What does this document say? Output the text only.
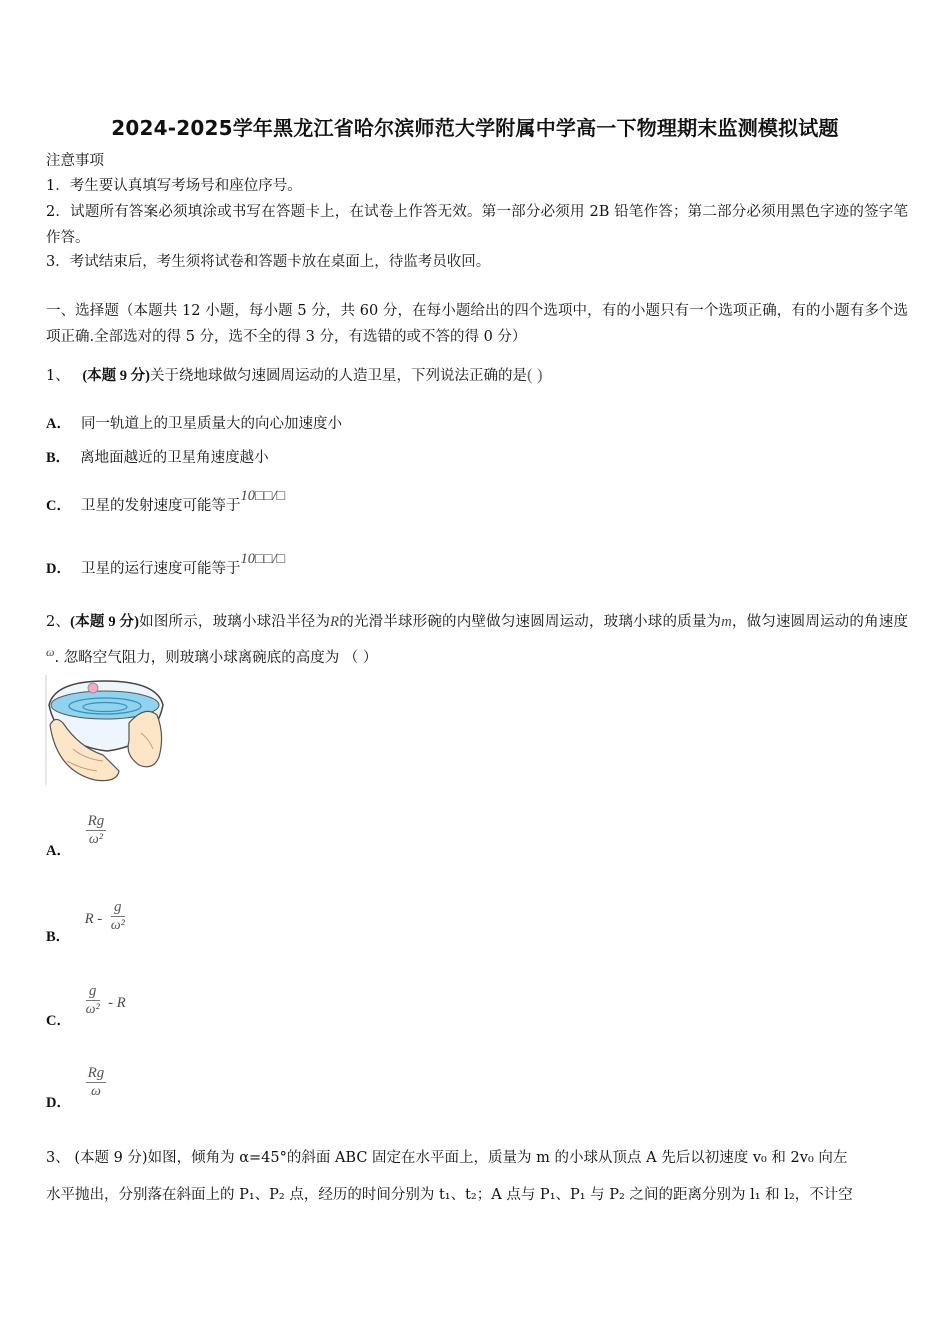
2024-2025学年黑龙江省哈尔滨师范大学附属中学高一下物理期末监测模拟试题
注意事项
1．考生要认真填写考场号和座位序号。
2．试题所有答案必须填涂或书写在答题卡上，在试卷上作答无效。第一部分必须用 2B 铅笔作答；第二部分必须用黑色字迹的签字笔作答。
3．考试结束后，考生须将试卷和答题卡放在桌面上，待监考员收回。
一、选择题（本题共 12 小题，每小题 5 分，共 60 分，在每小题给出的四个选项中，有的小题只有一个选项正确，有的小题有多个选项正确.全部选对的得 5 分，选不全的得 3 分，有选错的或不答的得 0 分）
1、 (本题 9 分)关于绕地球做匀速圆周运动的人造卫星，下列说法正确的是( )
A． 同一轨道上的卫星质量大的向心加速度小
B． 离地面越近的卫星角速度越小
C． 卫星的发射速度可能等于10□□/□
D． 卫星的运行速度可能等于10□□/□
2、(本题 9 分)如图所示，玻璃小球沿半径为R的光滑半球形碗的内壁做匀速圆周运动，玻璃小球的质量为m，做匀速圆周运动的角速度$^\omega$. 忽略空气阻力，则玻璃小球离碗底的高度为 （ ）
A．
$\frac{Rg}{\text{ω²}}$
B． R - $\frac{g}{\text{ω²}}$
C．
$\frac{g}{\text{ω²}}$ - R
D．
$\frac{Rg}{\omega}$
3、 (本题 9 分)如图，倾角为 α=45°的斜面 ABC 固定在水平面上，质量为 m 的小球从顶点 A 先后以初速度 v₀ 和 2v₀ 向左
水平抛出，分别落在斜面上的 P₁、P₂ 点，经历的时间分别为 t₁、t₂；A 点与 P₁、P₁ 与 P₂ 之间的距离分别为 l₁ 和 l₂，不计空
